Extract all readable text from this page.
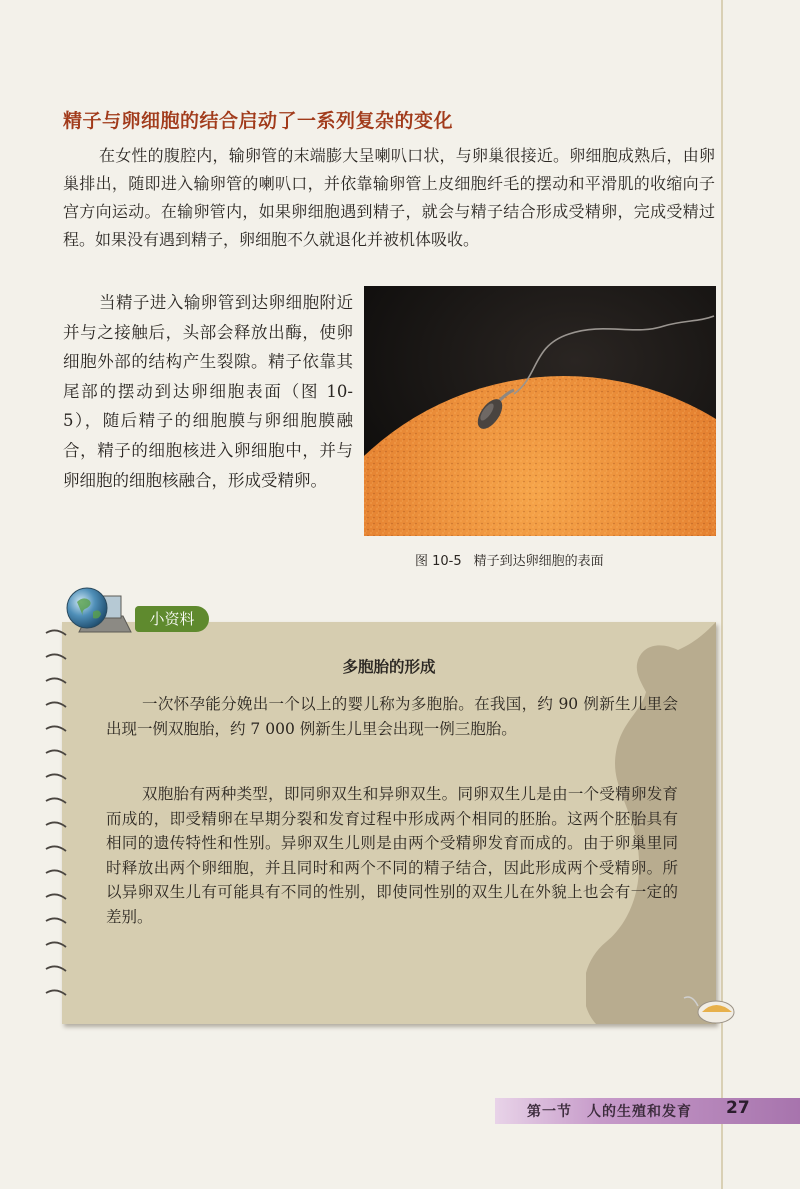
精子与卵细胞的结合启动了一系列复杂的变化

在女性的腹腔内，输卵管的末端膨大呈喇叭口状，与卵巢很接近。卵细胞成熟后，由卵巢排出，随即进入输卵管的喇叭口，并依靠输卵管上皮细胞纤毛的摆动和平滑肌的收缩向子宫方向运动。在输卵管内，如果卵细胞遇到精子，就会与精子结合形成受精卵，完成受精过程。如果没有遇到精子，卵细胞不久就退化并被机体吸收。

当精子进入输卵管到达卵细胞附近并与之接触后，头部会释放出酶，使卵细胞外部的结构产生裂隙。精子依靠其尾部的摆动到达卵细胞表面（图 10-5），随后精子的细胞膜与卵细胞膜融合，精子的细胞核进入卵细胞中，并与卵细胞的细胞核融合，形成受精卵。

图 10-5 精子到达卵细胞的表面

多胞胎的形成

一次怀孕能分娩出一个以上的婴儿称为多胞胎。在我国，约 90 例新生儿里会出现一例双胞胎，约 7 000 例新生儿里会出现一例三胞胎。

双胞胎有两种类型，即同卵双生和异卵双生。同卵双生儿是由一个受精卵发育而成的，即受精卵在早期分裂和发育过程中形成两个相同的胚胎。这两个胚胎具有相同的遗传特性和性别。异卵双生儿则是由两个受精卵发育而成的。由于卵巢里同时释放出两个卵细胞，并且同时和两个不同的精子结合，因此形成两个受精卵。所以异卵双生儿有可能具有不同的性别，即使同性别的双生儿在外貌上也会有一定的差别。

小资料

第一节　人的生殖和发育 27
